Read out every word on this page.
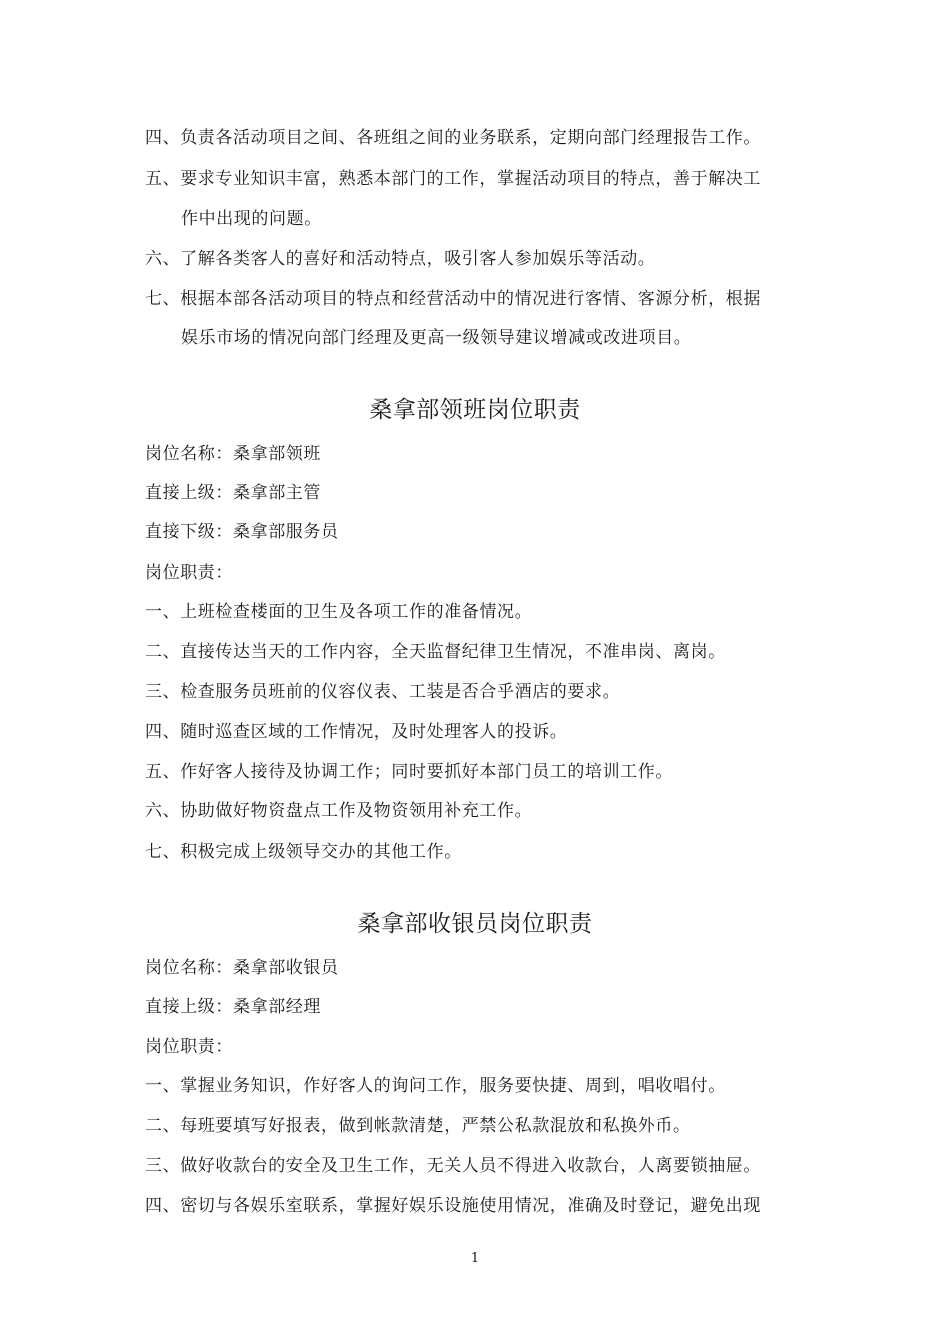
四、负责各活动项目之间、各班组之间的业务联系，定期向部门经理报告工作。
五、要求专业知识丰富，熟悉本部门的工作，掌握活动项目的特点，善于解决工
作中出现的问题。
六、了解各类客人的喜好和活动特点，吸引客人参加娱乐等活动。
七、根据本部各活动项目的特点和经营活动中的情况进行客情、客源分析，根据
娱乐市场的情况向部门经理及更高一级领导建议增减或改进项目。
桑拿部领班岗位职责
岗位名称：桑拿部领班
直接上级：桑拿部主管
直接下级：桑拿部服务员
岗位职责：
一、上班检查楼面的卫生及各项工作的准备情况。
二、直接传达当天的工作内容，全天监督纪律卫生情况，不准串岗、离岗。
三、检查服务员班前的仪容仪表、工装是否合乎酒店的要求。
四、随时巡查区域的工作情况，及时处理客人的投诉。
五、作好客人接待及协调工作；同时要抓好本部门员工的培训工作。
六、协助做好物资盘点工作及物资领用补充工作。
七、积极完成上级领导交办的其他工作。
桑拿部收银员岗位职责
岗位名称：桑拿部收银员
直接上级：桑拿部经理
岗位职责：
一、掌握业务知识，作好客人的询问工作，服务要快捷、周到，唱收唱付。
二、每班要填写好报表，做到帐款清楚，严禁公私款混放和私换外币。
三、做好收款台的安全及卫生工作，无关人员不得进入收款台，人离要锁抽屉。
四、密切与各娱乐室联系，掌握好娱乐设施使用情况，准确及时登记，避免出现
1
